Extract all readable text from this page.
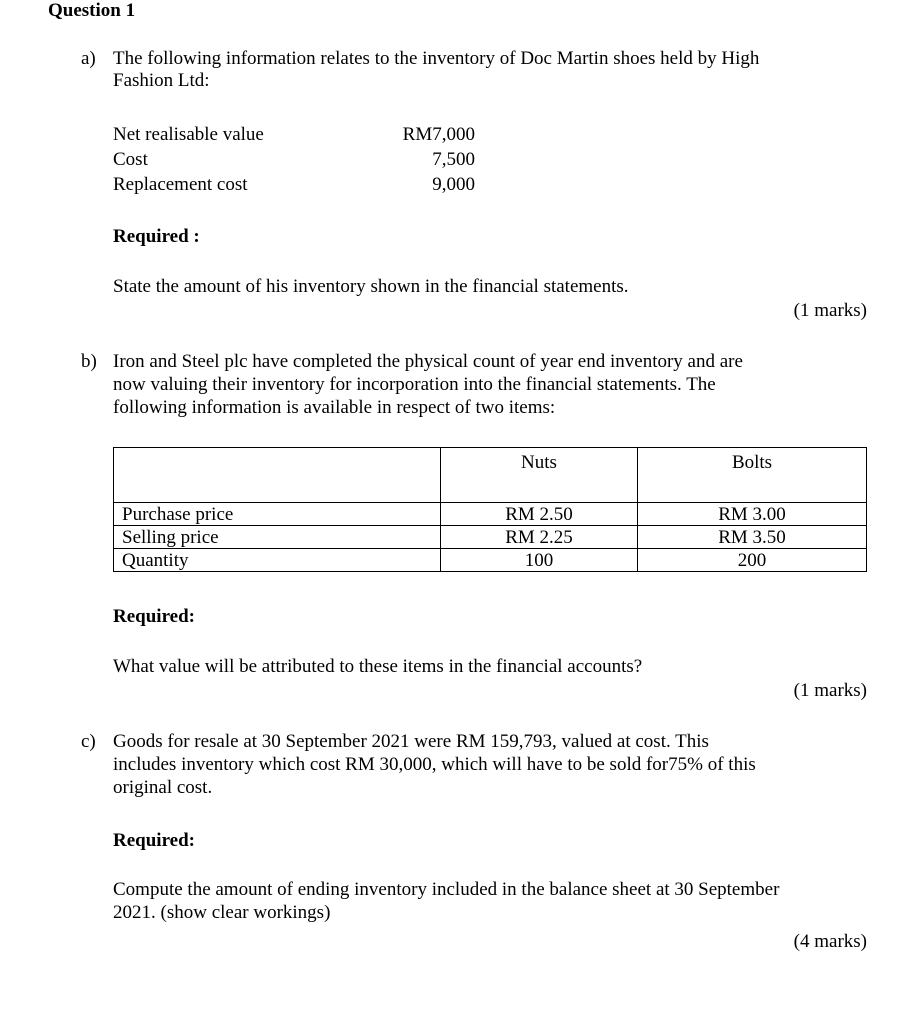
Question 1
a) The following information relates to the inventory of Doc Martin shoes held by High
Fashion Ltd:
Net realisable value	RM7,000
Cost	7,500
Replacement cost	9,000
Required :
State the amount of his inventory shown in the financial statements.
(1 marks)
b) Iron and Steel plc have completed the physical count of year end inventory and are
now valuing their inventory for incorporation into the financial statements. The
following information is available in respect of two items:
	Nuts	Bolts
Purchase price	RM 2.50	RM 3.00
Selling price	RM 2.25	RM 3.50
Quantity	100	200
Required:
What value will be attributed to these items in the financial accounts?
(1 marks)
c) Goods for resale at 30 September 2021 were RM 159,793, valued at cost. This
includes inventory which cost RM 30,000, which will have to be sold for75% of this
original cost.
Required:
Compute the amount of ending inventory included in the balance sheet at 30 September
2021. (show clear workings)
(4 marks)
